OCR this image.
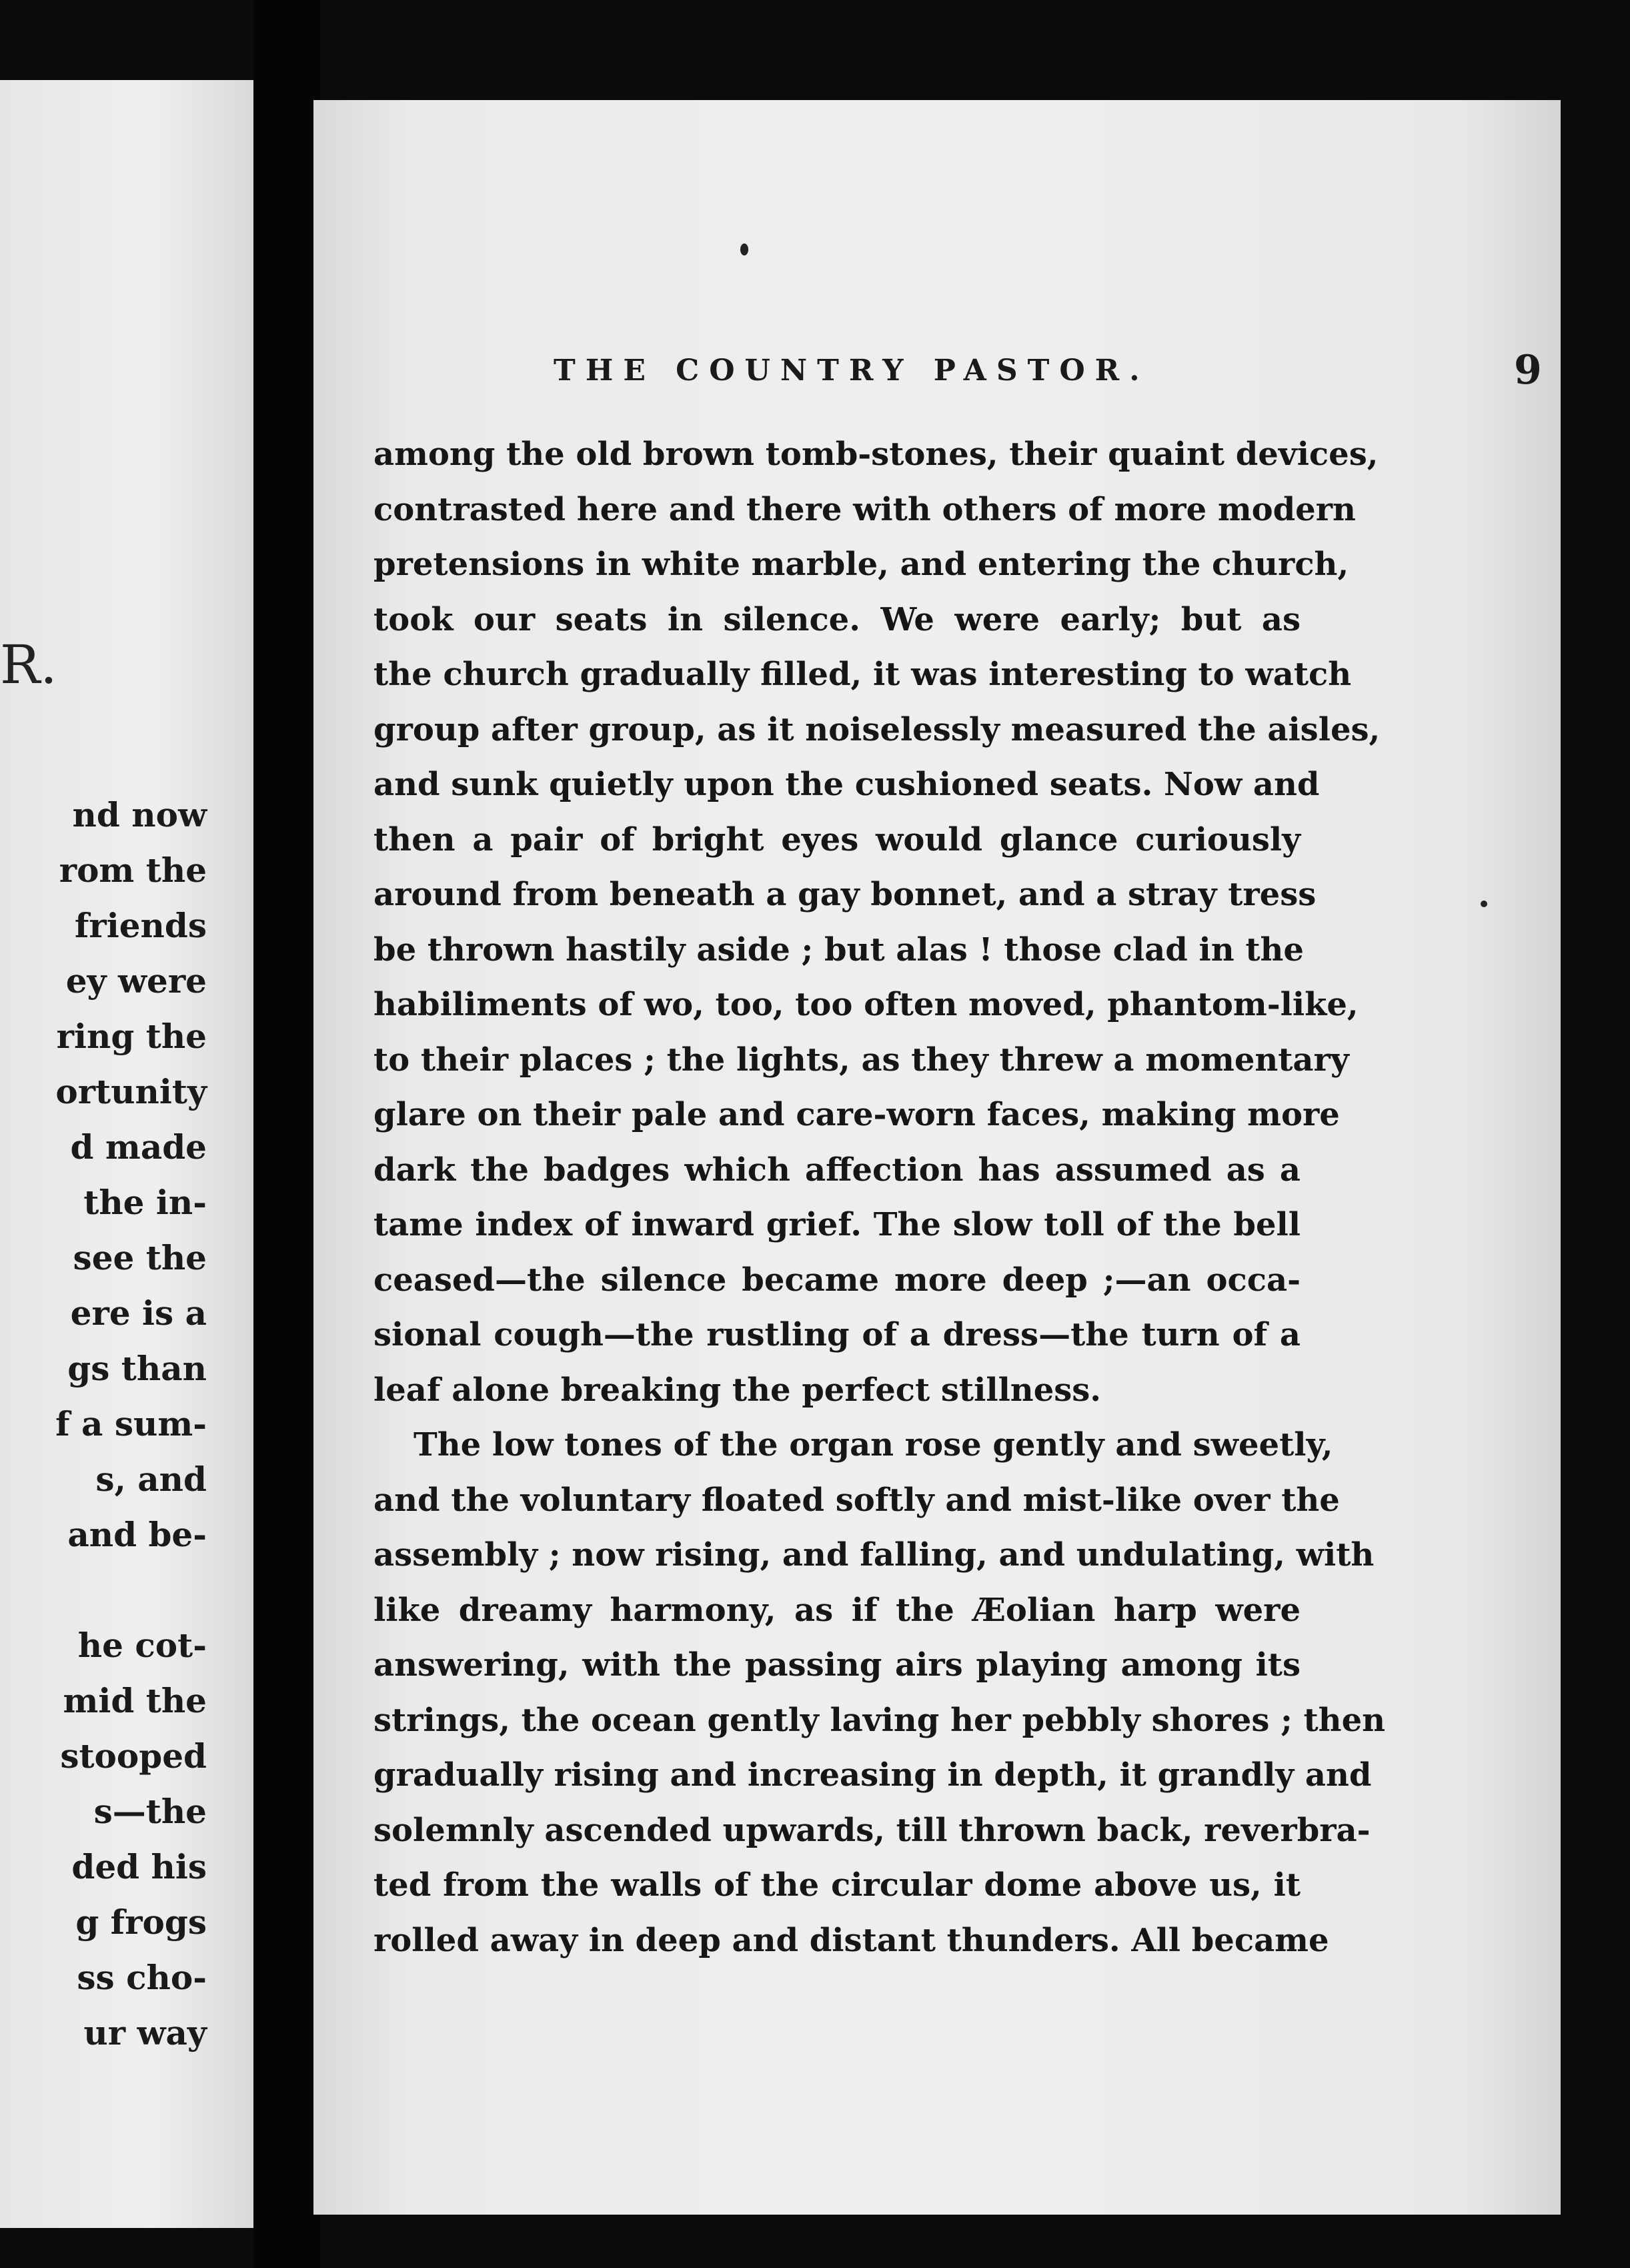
R.
nd now
rom the
friends
ey were
ring the
ortunity
d made
the in-
see the
ere is a
gs than
f a sum-
s, and
and be-

he cot-
mid the
stooped
s—the
ded his
g frogs
ss cho-
ur way
THE COUNTRY PASTOR.	9
among the old brown tomb-stones, their quaint devices,
contrasted here and there with others of more modern
pretensions in white marble, and entering the church,
took our seats in silence. We were early; but as
the church gradually filled, it was interesting to watch
group after group, as it noiselessly measured the aisles,
and sunk quietly upon the cushioned seats. Now and
then a pair of bright eyes would glance curiously
around from beneath a gay bonnet, and a stray tress
be thrown hastily aside ; but alas ! those clad in the
habiliments of wo, too, too often moved, phantom-like,
to their places ; the lights, as they threw a momentary
glare on their pale and care-worn faces, making more
dark the badges which affection has assumed as a
tame index of inward grief. The slow toll of the bell
ceased—the silence became more deep ;—an occa-
sional cough—the rustling of a dress—the turn of a
leaf alone breaking the perfect stillness.
The low tones of the organ rose gently and sweetly,
and the voluntary floated softly and mist-like over the
assembly ; now rising, and falling, and undulating, with
like dreamy harmony, as if the Æolian harp were
answering, with the passing airs playing among its
strings, the ocean gently laving her pebbly shores ; then
gradually rising and increasing in depth, it grandly and
solemnly ascended upwards, till thrown back, reverbra-
ted from the walls of the circular dome above us, it
rolled away in deep and distant thunders. All became
